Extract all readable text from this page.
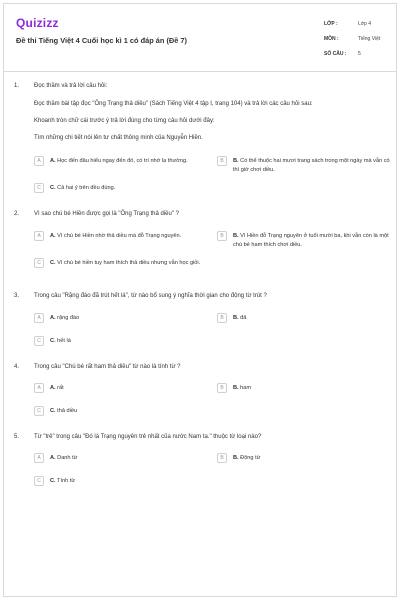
Quizizz
Đề thi Tiếng Việt 4 Cuối học kì 1 có đáp án (Đề 7)
LỚP :	Lớp 4
MÔN :	Tiếng Việt
SỐ CÂU :	5
1. Đọc thầm và trả lời câu hỏi:
Đọc thầm bài tập đọc "Ông Trạng thả diều" (Sách Tiếng Việt 4 tập I, trang 104) và trả lời các câu hỏi sau:
Khoanh tròn chữ cái trước ý trả lời đúng cho từng câu hỏi dưới đây:
Tìm những chi tiết nói lên tư chất thông minh của Nguyễn Hiền.
A	A. Học đến đâu hiểu ngay đến đó, có trí nhớ lạ thường.	B	B. Có thể thuộc hai mươi trang sách trong một ngày mà vẫn có thì giờ chơi diều.
C	C. Cả hai ý trên đều đúng.
2. Vì sao chú bé Hiền được gọi là "Ông Trạng thả diều" ?
A	A. Vì chú bé Hiền nhờ thả diều mà đỗ Trạng nguyên.	B	B. Vì Hiền đỗ Trạng nguyên ở tuổi mười ba, khi vẫn còn là một chú bé ham thích chơi diều.
C	C. Vì chú bé hiền tuy ham thích thả diều nhưng vẫn học giỏi.
3. Trong câu "Rặng đào đã trút hết lá", từ nào bổ sung ý nghĩa thời gian cho động từ trút ?
A	A. rặng đào	B	B. đã
C	C. hết lá
4. Trong câu "Chú bé rất ham thả diều" từ nào là tính từ ?
A	A. rất	B	B. ham
C	C. thả diều
5. Từ "trẻ" trong câu "Đó là Trạng nguyên trẻ nhất của nước Nam ta." thuộc từ loại nào?
A	A. Danh từ	B	B. Động từ
C	C. Tính từ
